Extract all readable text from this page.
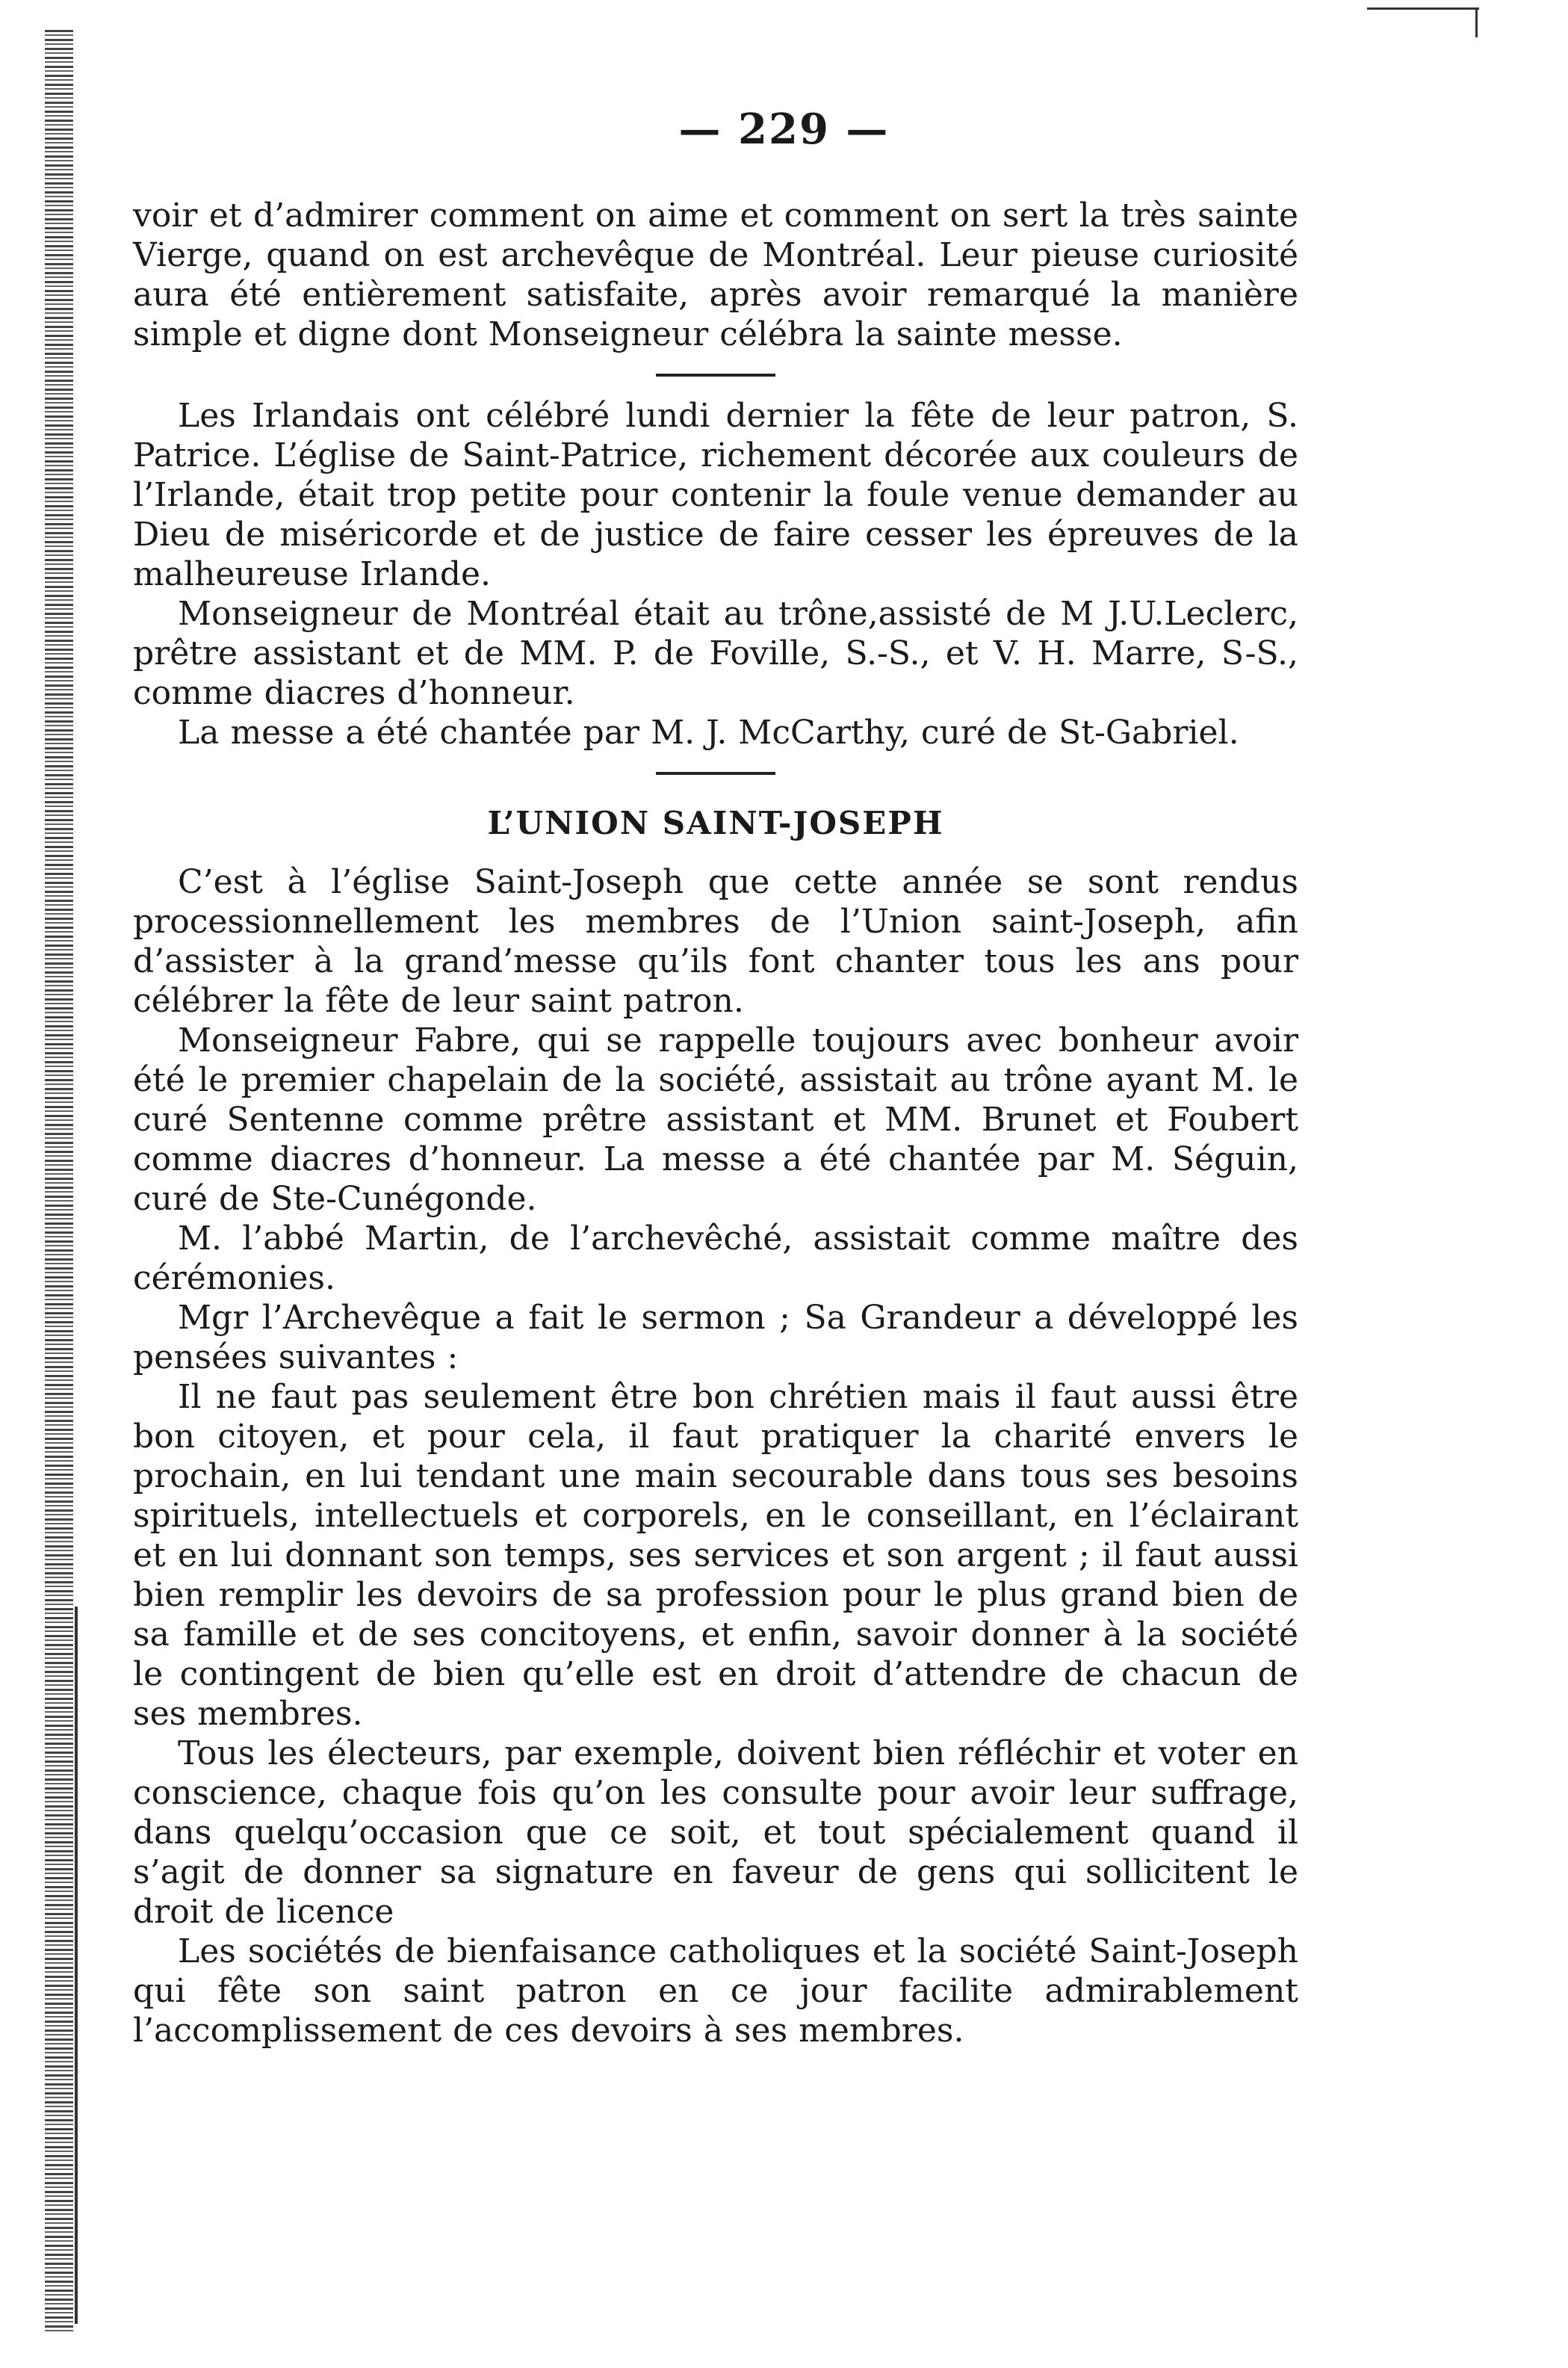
— 229 —

voir et d’admirer comment on aime et comment on sert la très sainte Vierge, quand on est archevêque de Montréal. Leur pieuse curiosité aura été entièrement satisfaite, après avoir remarqué la manière simple et digne dont Monseigneur célébra la sainte messe.

Les Irlandais ont célébré lundi dernier la fête de leur patron, S. Patrice. L’église de Saint-Patrice, richement décorée aux couleurs de l’Irlande, était trop petite pour contenir la foule venue demander au Dieu de miséricorde et de justice de faire cesser les épreuves de la malheureuse Irlande.

Monseigneur de Montréal était au trône,assisté de M J.U.Leclerc, prêtre assistant et de MM. P. de Foville, S.-S., et V. H. Marre, S-S., comme diacres d’honneur.

La messe a été chantée par M. J. McCarthy, curé de St-Gabriel.

L’UNION SAINT-JOSEPH

C’est à l’église Saint-Joseph que cette année se sont rendus processionnellement les membres de l’Union saint-Joseph, afin d’assister à la grand’messe qu’ils font chanter tous les ans pour célébrer la fête de leur saint patron.

Monseigneur Fabre, qui se rappelle toujours avec bonheur avoir été le premier chapelain de la société, assistait au trône ayant M. le curé Sentenne comme prêtre assistant et MM. Brunet et Foubert comme diacres d’honneur. La messe a été chantée par M. Séguin, curé de Ste-Cunégonde.

M. l’abbé Martin, de l’archevêché, assistait comme maître des cérémonies.

Mgr l’Archevêque a fait le sermon ; Sa Grandeur a développé les pensées suivantes :

Il ne faut pas seulement être bon chrétien mais il faut aussi être bon citoyen, et pour cela, il faut pratiquer la charité envers le prochain, en lui tendant une main secourable dans tous ses besoins spirituels, intellectuels et corporels, en le conseillant, en l’éclairant et en lui donnant son temps, ses services et son argent ; il faut aussi bien remplir les devoirs de sa profession pour le plus grand bien de sa famille et de ses concitoyens, et enfin, savoir donner à la société le contingent de bien qu’elle est en droit d’attendre de chacun de ses membres.

Tous les électeurs, par exemple, doivent bien réfléchir et voter en conscience, chaque fois qu’on les consulte pour avoir leur suffrage, dans quelqu’occasion que ce soit, et tout spécialement quand il s’agit de donner sa signature en faveur de gens qui sollicitent le droit de licence

Les sociétés de bienfaisance catholiques et la société Saint-Joseph qui fête son saint patron en ce jour facilite admirablement l’accomplissement de ces devoirs à ses membres.
